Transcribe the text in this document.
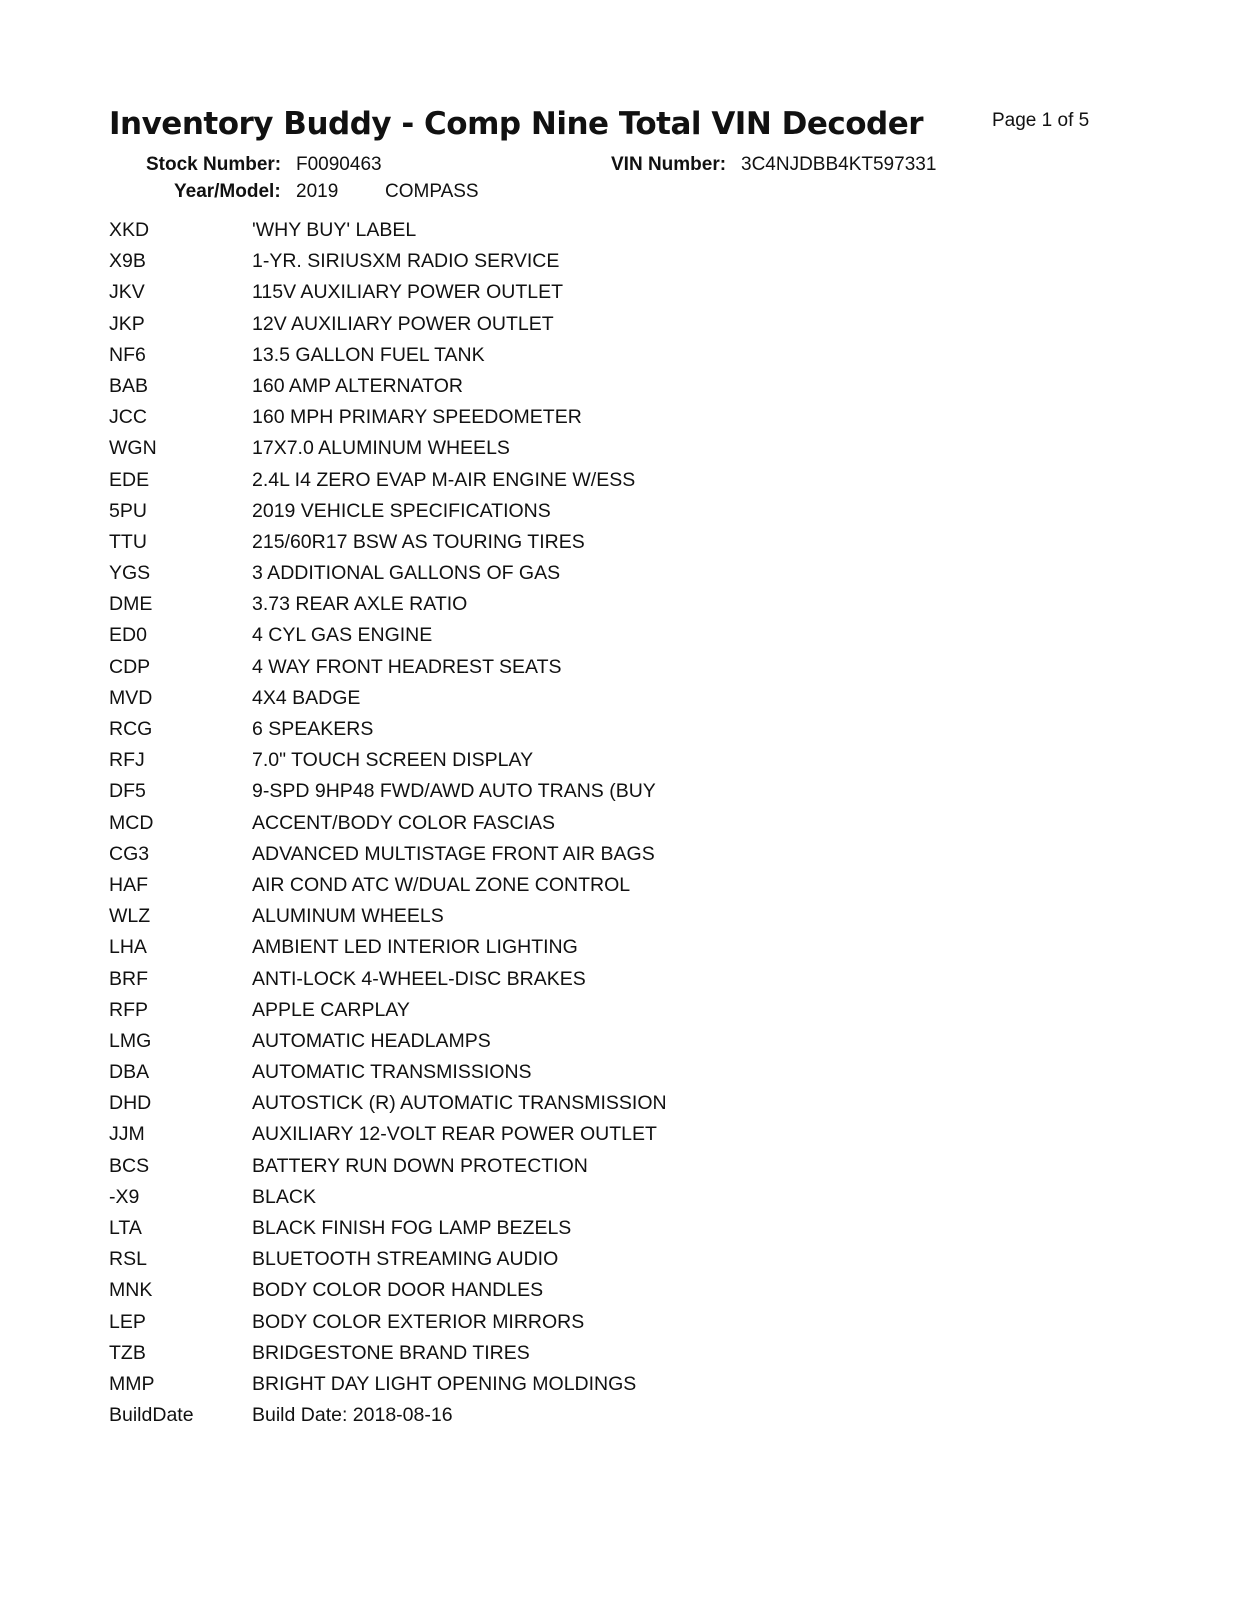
Inventory Buddy - Comp Nine Total VIN Decoder	Page 1 of 5
Stock Number: F0090463	VIN Number: 3C4NJDBB4KT597331
Year/Model: 2019 COMPASS
XKD	'WHY BUY' LABEL
X9B	1-YR. SIRIUSXM RADIO SERVICE
JKV	115V AUXILIARY POWER OUTLET
JKP	12V AUXILIARY POWER OUTLET
NF6	13.5 GALLON FUEL TANK
BAB	160 AMP ALTERNATOR
JCC	160 MPH PRIMARY SPEEDOMETER
WGN	17X7.0 ALUMINUM WHEELS
EDE	2.4L I4 ZERO EVAP M-AIR ENGINE W/ESS
5PU	2019 VEHICLE SPECIFICATIONS
TTU	215/60R17 BSW AS TOURING TIRES
YGS	3 ADDITIONAL GALLONS OF GAS
DME	3.73 REAR AXLE RATIO
ED0	4 CYL GAS ENGINE
CDP	4 WAY FRONT HEADREST SEATS
MVD	4X4 BADGE
RCG	6 SPEAKERS
RFJ	7.0" TOUCH SCREEN DISPLAY
DF5	9-SPD 9HP48 FWD/AWD AUTO TRANS (BUY
MCD	ACCENT/BODY COLOR FASCIAS
CG3	ADVANCED MULTISTAGE FRONT AIR BAGS
HAF	AIR COND ATC W/DUAL ZONE CONTROL
WLZ	ALUMINUM WHEELS
LHA	AMBIENT LED INTERIOR LIGHTING
BRF	ANTI-LOCK 4-WHEEL-DISC BRAKES
RFP	APPLE CARPLAY
LMG	AUTOMATIC HEADLAMPS
DBA	AUTOMATIC TRANSMISSIONS
DHD	AUTOSTICK (R) AUTOMATIC TRANSMISSION
JJM	AUXILIARY 12-VOLT REAR POWER OUTLET
BCS	BATTERY RUN DOWN PROTECTION
-X9	BLACK
LTA	BLACK FINISH FOG LAMP BEZELS
RSL	BLUETOOTH STREAMING AUDIO
MNK	BODY COLOR DOOR HANDLES
LEP	BODY COLOR EXTERIOR MIRRORS
TZB	BRIDGESTONE BRAND TIRES
MMP	BRIGHT DAY LIGHT OPENING MOLDINGS
BuildDate	Build Date: 2018-08-16
